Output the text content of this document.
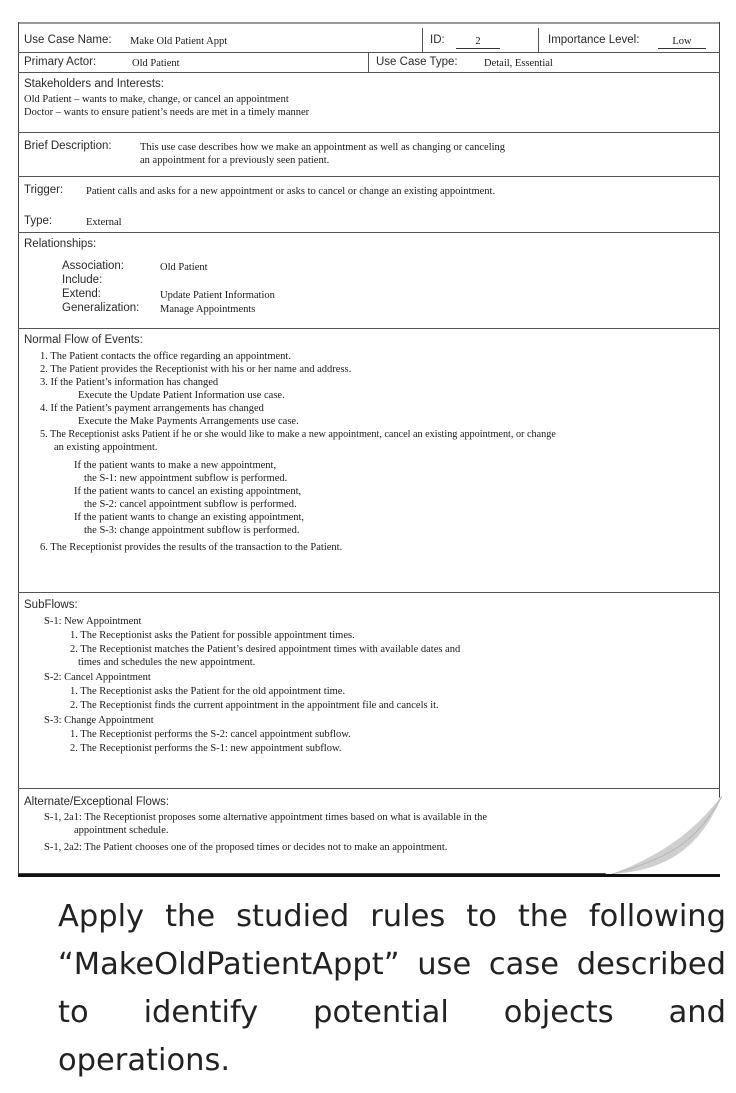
Use Case Name: Make Old Patient Appt	ID:	2	Importance Level:	Low
Primary Actor:	Old Patient	Use Case Type:	Detail, Essential
Stakeholders and Interests:
Old Patient – wants to make, change, or cancel an appointment
Doctor – wants to ensure patient’s needs are met in a timely manner
Brief Description:	This use case describes how we make an appointment as well as changing or canceling
an appointment for a previously seen patient.
Trigger: Patient calls and asks for a new appointment or asks to cancel or change an existing appointment.
Type:	External
Relationships:
Association:	Old Patient
Include:
Extend:	Update Patient Information
Generalization: Manage Appointments
Normal Flow of Events:
1. The Patient contacts the office regarding an appointment.
2. The Patient provides the Receptionist with his or her name and address.
3. If the Patient’s information has changed
Execute the Update Patient Information use case.
4. If the Patient’s payment arrangements has changed
Execute the Make Payments Arrangements use case.
5. The Receptionist asks Patient if he or she would like to make a new appointment, cancel an existing appointment, or change
an existing appointment.
If the patient wants to make a new appointment,
the S-1: new appointment subflow is performed.
If the patient wants to cancel an existing appointment,
the S-2: cancel appointment subflow is performed.
If the patient wants to change an existing appointment,
the S-3: change appointment subflow is performed.
6. The Receptionist provides the results of the transaction to the Patient.
SubFlows:
S-1: New Appointment
1. The Receptionist asks the Patient for possible appointment times.
2. The Receptionist matches the Patient’s desired appointment times with available dates and
times and schedules the new appointment.
S-2: Cancel Appointment
1. The Receptionist asks the Patient for the old appointment time.
2. The Receptionist finds the current appointment in the appointment file and cancels it.
S-3: Change Appointment
1. The Receptionist performs the S-2: cancel appointment subflow.
2. The Receptionist performs the S-1: new appointment subflow.
Alternate/Exceptional Flows:
S-1, 2a1: The Receptionist proposes some alternative appointment times based on what is available in the
appointment schedule.
S-1, 2a2: The Patient chooses one of the proposed times or decides not to make an appointment.
Apply the studied rules to the following “MakeOldPatientAppt” use case described to identify potential objects and operations.
